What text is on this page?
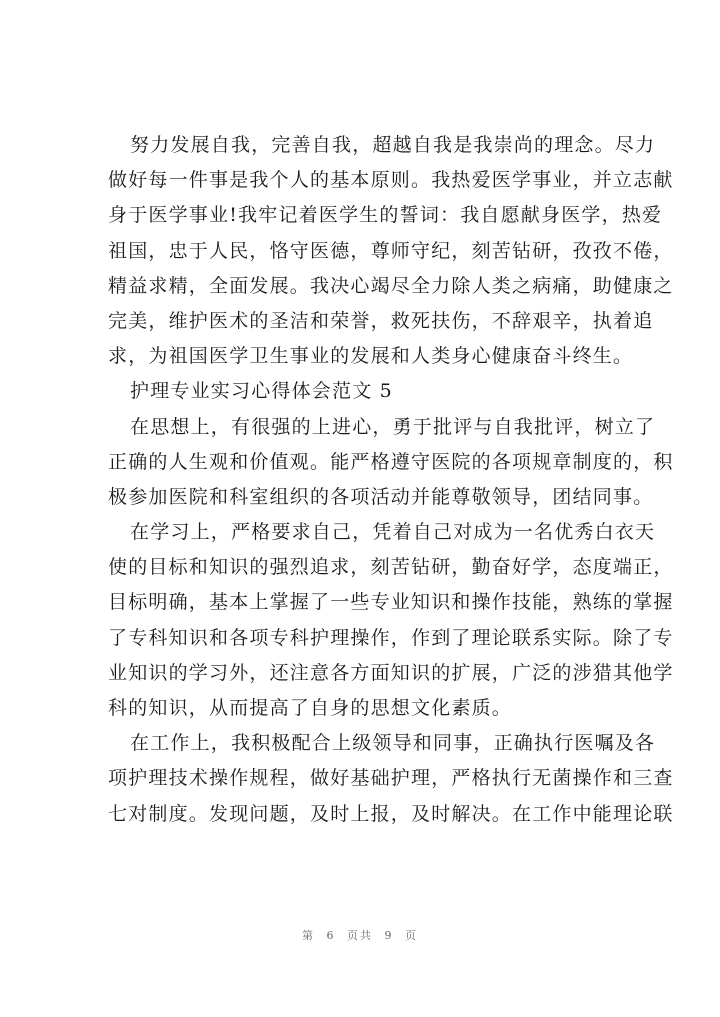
努力发展自我，完善自我，超越自我是我崇尚的理念。尽力
做好每一件事是我个人的基本原则。我热爱医学事业，并立志献
身于医学事业!我牢记着医学生的誓词：我自愿献身医学，热爱
祖国，忠于人民，恪守医德，尊师守纪，刻苦钻研，孜孜不倦，
精益求精，全面发展。我决心竭尽全力除人类之病痛，助健康之
完美，维护医术的圣洁和荣誉，救死扶伤，不辞艰辛，执着追
求，为祖国医学卫生事业的发展和人类身心健康奋斗终生。
护理专业实习心得体会范文 5
在思想上，有很强的上进心，勇于批评与自我批评，树立了
正确的人生观和价值观。能严格遵守医院的各项规章制度的，积
极参加医院和科室组织的各项活动并能尊敬领导，团结同事。
在学习上，严格要求自己，凭着自己对成为一名优秀白衣天
使的目标和知识的强烈追求，刻苦钻研，勤奋好学，态度端正，
目标明确，基本上掌握了一些专业知识和操作技能，熟练的掌握
了专科知识和各项专科护理操作，作到了理论联系实际。除了专
业知识的学习外，还注意各方面知识的扩展，广泛的涉猎其他学
科的知识，从而提高了自身的思想文化素质。
在工作上，我积极配合上级领导和同事，正确执行医嘱及各
项护理技术操作规程，做好基础护理，严格执行无菌操作和三查
七对制度。发现问题，及时上报，及时解决。在工作中能理论联
第 6 页共 9 页
